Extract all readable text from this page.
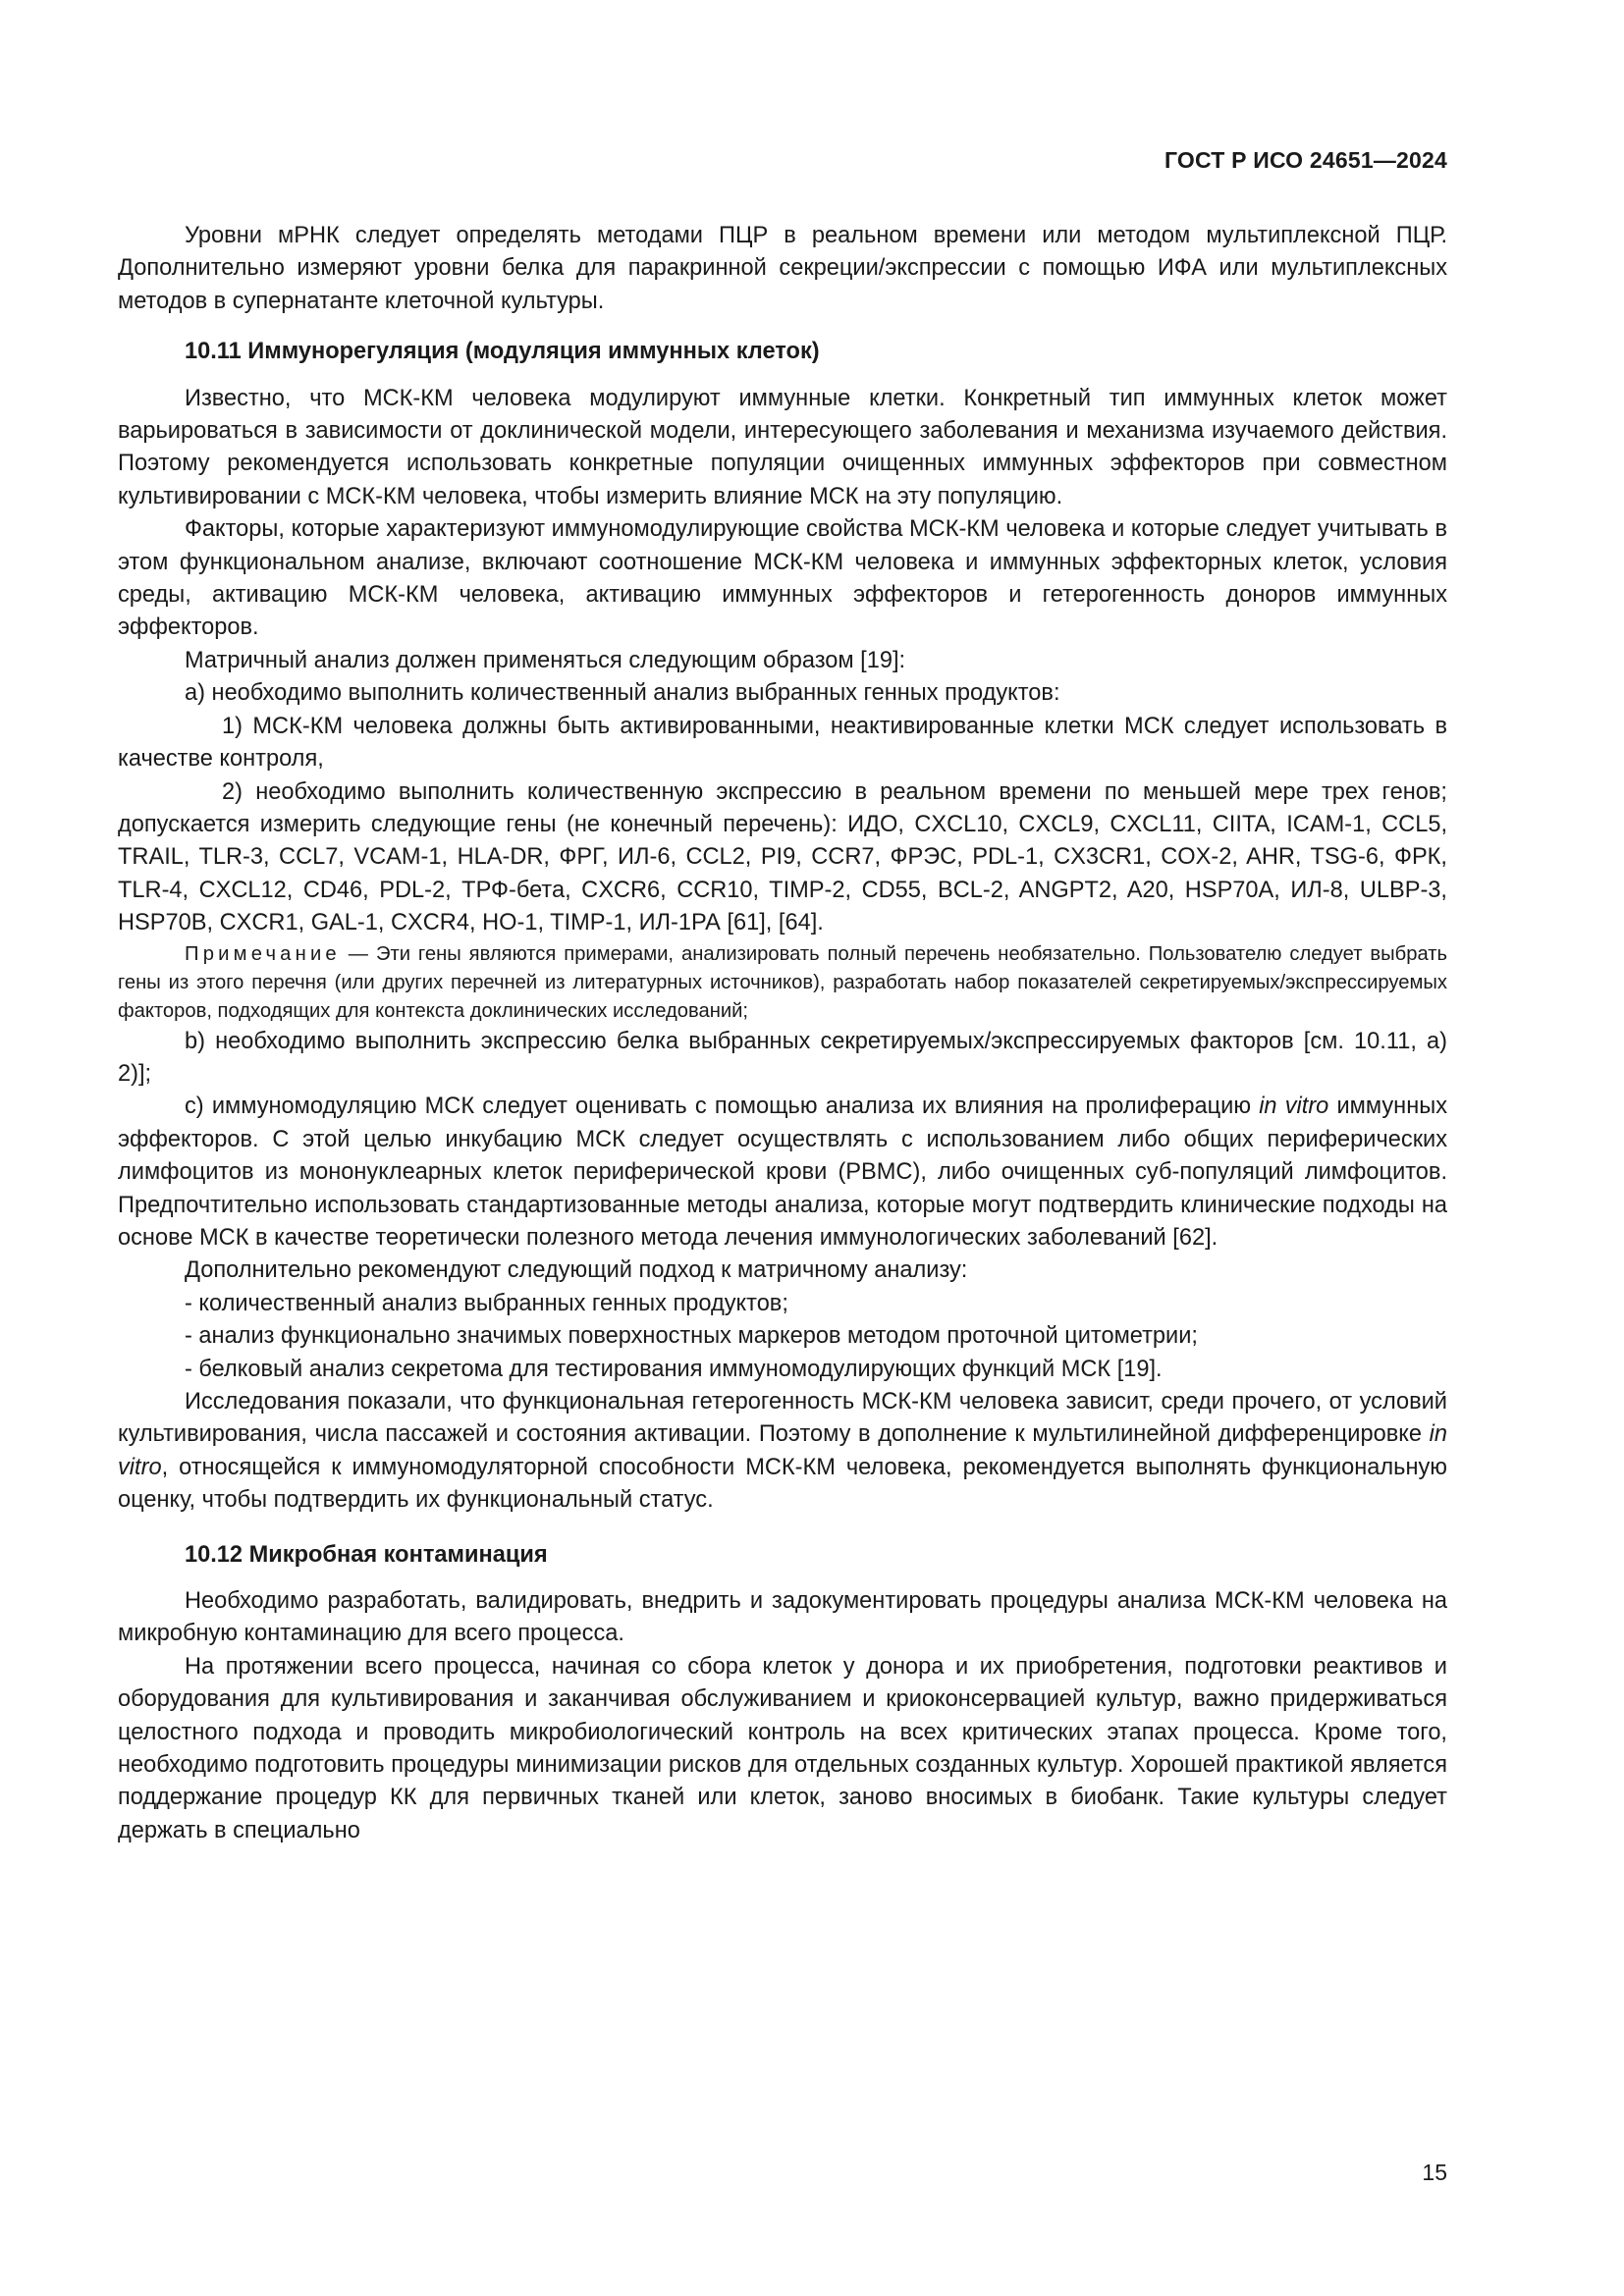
ГОСТ Р ИСО 24651—2024

Уровни мРНК следует определять методами ПЦР в реальном времени или методом мультиплексной ПЦР. Дополнительно измеряют уровни белка для паракринной секреции/экспрессии с помощью ИФА или мультиплексных методов в супернатанте клеточной культуры.

10.11 Иммунорегуляция (модуляция иммунных клеток)

Известно, что МСК-КМ человека модулируют иммунные клетки. Конкретный тип иммунных клеток может варьироваться в зависимости от доклинической модели, интересующего заболевания и механизма изучаемого действия. Поэтому рекомендуется использовать конкретные популяции очищенных иммунных эффекторов при совместном культивировании с МСК-КМ человека, чтобы измерить влияние МСК на эту популяцию.

Факторы, которые характеризуют иммуномодулирующие свойства МСК-КМ человека и которые следует учитывать в этом функциональном анализе, включают соотношение МСК-КМ человека и иммунных эффекторных клеток, условия среды, активацию МСК-КМ человека, активацию иммунных эффекторов и гетерогенность доноров иммунных эффекторов.

Матричный анализ должен применяться следующим образом [19]:

a) необходимо выполнить количественный анализ выбранных генных продуктов:

1) МСК-КМ человека должны быть активированными, неактивированные клетки МСК следует использовать в качестве контроля,

2) необходимо выполнить количественную экспрессию в реальном времени по меньшей мере трех генов; допускается измерить следующие гены (не конечный перечень): ИДО, CXCL10, CXCL9, CXCL11, CIITA, ICAM-1, CCL5, TRAIL, TLR-3, CCL7, VCAM-1, HLA-DR, ФРГ, ИЛ-6, CCL2, PI9, CCR7, ФРЭС, PDL-1, CX3CR1, COX-2, AHR, TSG-6, ФРК, TLR-4, CXCL12, CD46, PDL-2, ТРФ-бета, CXCR6, CCR10, TIMP-2, CD55, BCL-2, ANGPT2, A20, HSP70A, ИЛ-8, ULBP-3, HSP70B, CXCR1, GAL-1, CXCR4, HO-1, TIMP-1, ИЛ-1РА [61], [64].

Примечание — Эти гены являются примерами, анализировать полный перечень необязательно. Пользователю следует выбрать гены из этого перечня (или других перечней из литературных источников), разработать набор показателей секретируемых/экспрессируемых факторов, подходящих для контекста доклинических исследований;

b) необходимо выполнить экспрессию белка выбранных секретируемых/экспрессируемых факторов [см. 10.11, a) 2)];

c) иммуномодуляцию МСК следует оценивать с помощью анализа их влияния на пролиферацию in vitro иммунных эффекторов. С этой целью инкубацию МСК следует осуществлять с использованием либо общих периферических лимфоцитов из мононуклеарных клеток периферической крови (PBMC), либо очищенных суб-популяций лимфоцитов. Предпочтительно использовать стандартизованные методы анализа, которые могут подтвердить клинические подходы на основе МСК в качестве теоретически полезного метода лечения иммунологических заболеваний [62].

Дополнительно рекомендуют следующий подход к матричному анализу:

- количественный анализ выбранных генных продуктов;

- анализ функционально значимых поверхностных маркеров методом проточной цитометрии;

- белковый анализ секретома для тестирования иммуномодулирующих функций МСК [19].

Исследования показали, что функциональная гетерогенность МСК-КМ человека зависит, среди прочего, от условий культивирования, числа пассажей и состояния активации. Поэтому в дополнение к мультилинейной дифференцировке in vitro, относящейся к иммуномодуляторной способности МСК-КМ человека, рекомендуется выполнять функциональную оценку, чтобы подтвердить их функциональный статус.

10.12 Микробная контаминация

Необходимо разработать, валидировать, внедрить и задокументировать процедуры анализа МСК-КМ человека на микробную контаминацию для всего процесса.

На протяжении всего процесса, начиная со сбора клеток у донора и их приобретения, подготовки реактивов и оборудования для культивирования и заканчивая обслуживанием и криоконсервацией культур, важно придерживаться целостного подхода и проводить микробиологический контроль на всех критических этапах процесса. Кроме того, необходимо подготовить процедуры минимизации рисков для отдельных созданных культур. Хорошей практикой является поддержание процедур КК для первичных тканей или клеток, заново вносимых в биобанк. Такие культуры следует держать в специально

15
